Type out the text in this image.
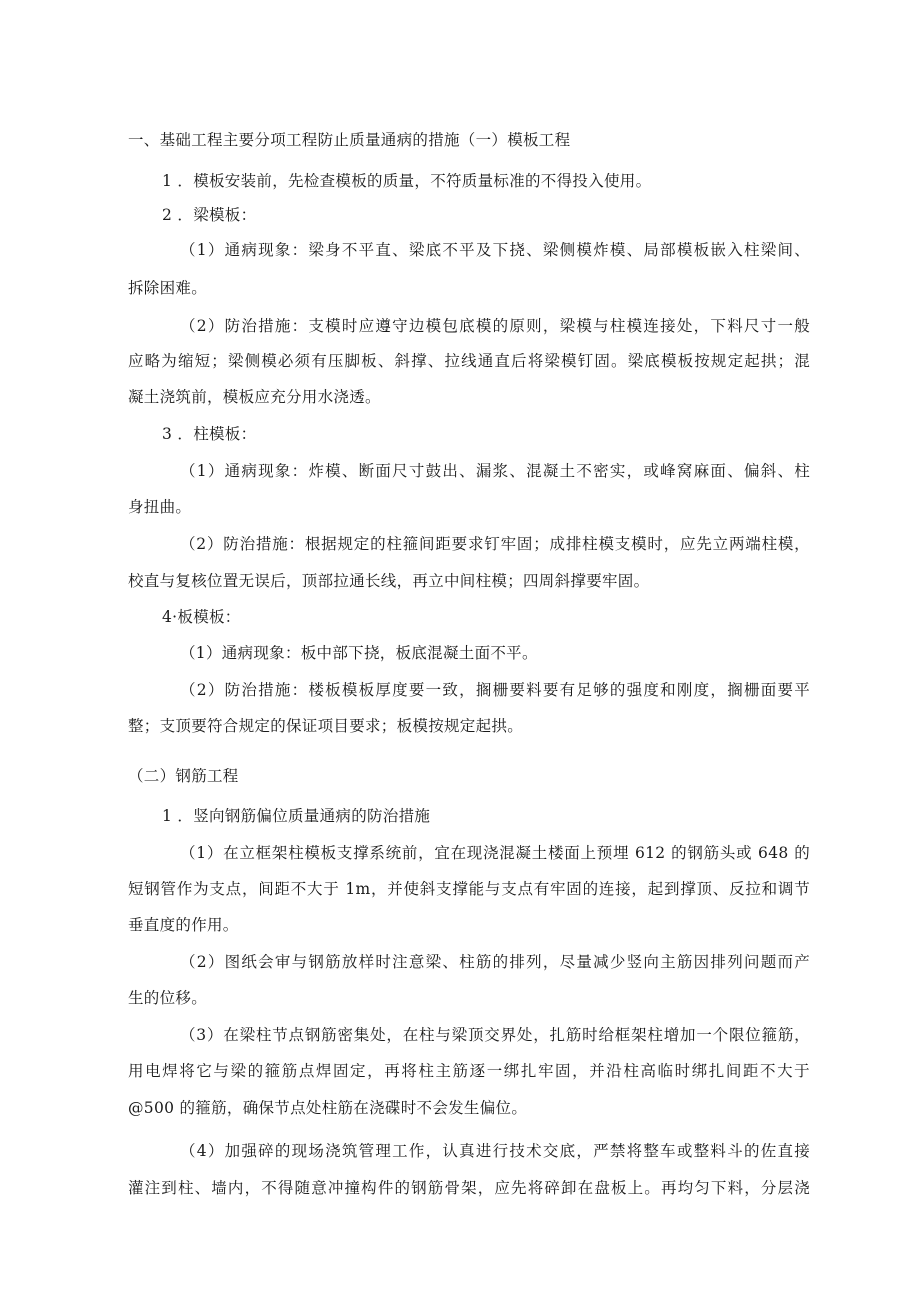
一、基础工程主要分项工程防止质量通病的措施（一）模板工程
1 ．模板安装前，先检查模板的质量，不符质量标准的不得投入使用。
2 ．梁模板：
（1）通病现象：梁身不平直、梁底不平及下挠、梁侧模炸模、局部模板嵌入柱梁间、
拆除困难。
（2）防治措施：支模时应遵守边模包底模的原则，梁模与柱模连接处，下料尺寸一般
应略为缩短；梁侧模必须有压脚板、斜撑、拉线通直后将梁模钉固。梁底模板按规定起拱；混
凝土浇筑前，模板应充分用水浇透。
3 ．柱模板：
（1）通病现象：炸模、断面尺寸鼓出、漏浆、混凝土不密实，或峰窝麻面、偏斜、柱
身扭曲。
（2）防治措施：根据规定的柱箍间距要求钉牢固；成排柱模支模时，应先立两端柱模，
校直与复核位置无误后，顶部拉通长线，再立中间柱模；四周斜撑要牢固。
4·板模板：
（1）通病现象：板中部下挠，板底混凝土面不平。
（2）防治措施：楼板模板厚度要一致，搁栅要料要有足够的强度和刚度，搁栅面要平
整；支顶要符合规定的保证项目要求；板模按规定起拱。
（二）钢筋工程
1 ．竖向钢筋偏位质量通病的防治措施
（1）在立框架柱模板支撑系统前，宜在现浇混凝土楼面上预埋 612 的钢筋头或 648 的
短钢管作为支点，间距不大于 1m，并使斜支撑能与支点有牢固的连接，起到撑顶、反拉和调节
垂直度的作用。
（2）图纸会审与钢筋放样时注意梁、柱筋的排列，尽量减少竖向主筋因排列问题而产
生的位移。
（3）在梁柱节点钢筋密集处，在柱与梁顶交界处，扎筋时给框架柱增加一个限位箍筋，
用电焊将它与梁的箍筋点焊固定，再将柱主筋逐一绑扎牢固，并沿柱高临时绑扎间距不大于
@500 的箍筋，确保节点处柱筋在浇碟时不会发生偏位。
（4）加强碎的现场浇筑管理工作，认真进行技术交底，严禁将整车或整料斗的佐直接
灌注到柱、墙内，不得随意冲撞构件的钢筋骨架，应先将碎卸在盘板上。再均匀下料，分层浇
